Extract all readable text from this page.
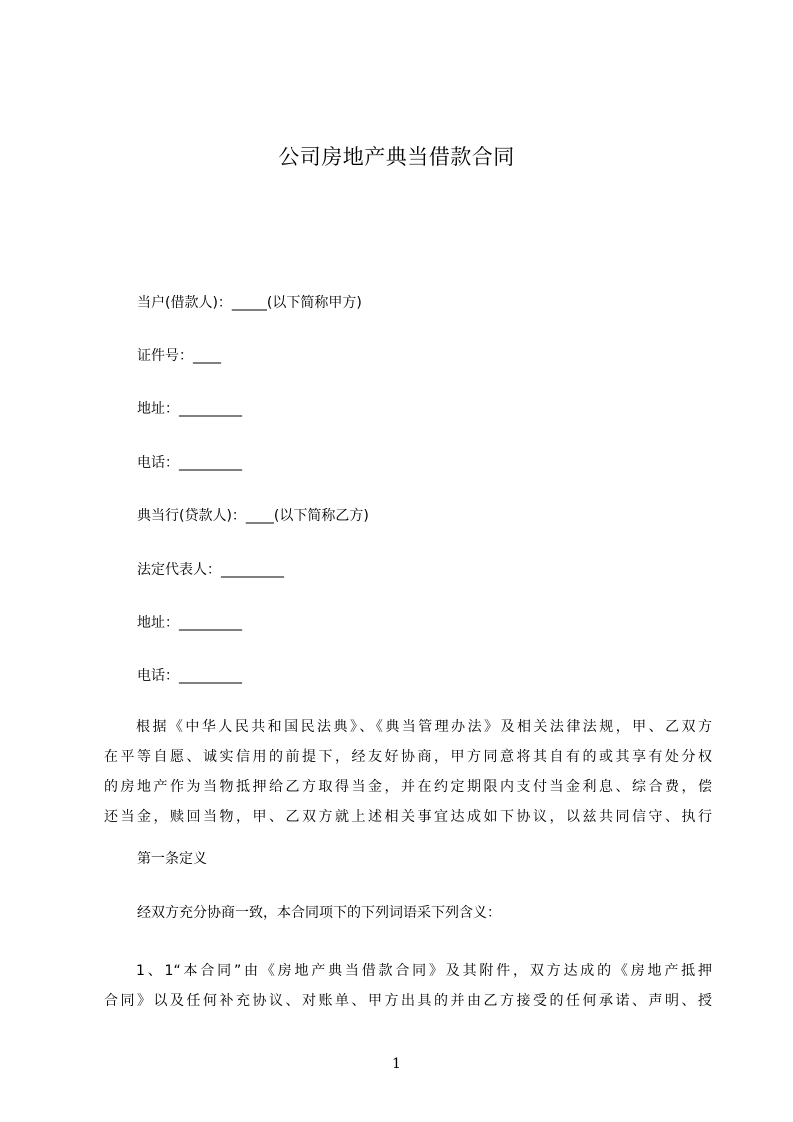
公司房地产典当借款合同
当户(借款人)：_____(以下简称甲方)
证件号：____
地址：_________
电话：_________
典当行(贷款人)：____(以下简称乙方)
法定代表人：_________
地址：_________
电话：_________
根据《中华人民共和国民法典》、《典当管理办法》及相关法律法规，甲、乙双方
在平等自愿、诚实信用的前提下，经友好协商，甲方同意将其自有的或其享有处分权
的房地产作为当物抵押给乙方取得当金，并在约定期限内支付当金利息、综合费，偿
还当金，赎回当物，甲、乙双方就上述相关事宜达成如下协议，以兹共同信守、执行
第一条定义
经双方充分协商一致，本合同项下的下列词语采下列含义：
1、1“本合同”由《房地产典当借款合同》及其附件，双方达成的《房地产抵押
合同》以及任何补充协议、对账单、甲方出具的并由乙方接受的任何承诺、声明、授
1
